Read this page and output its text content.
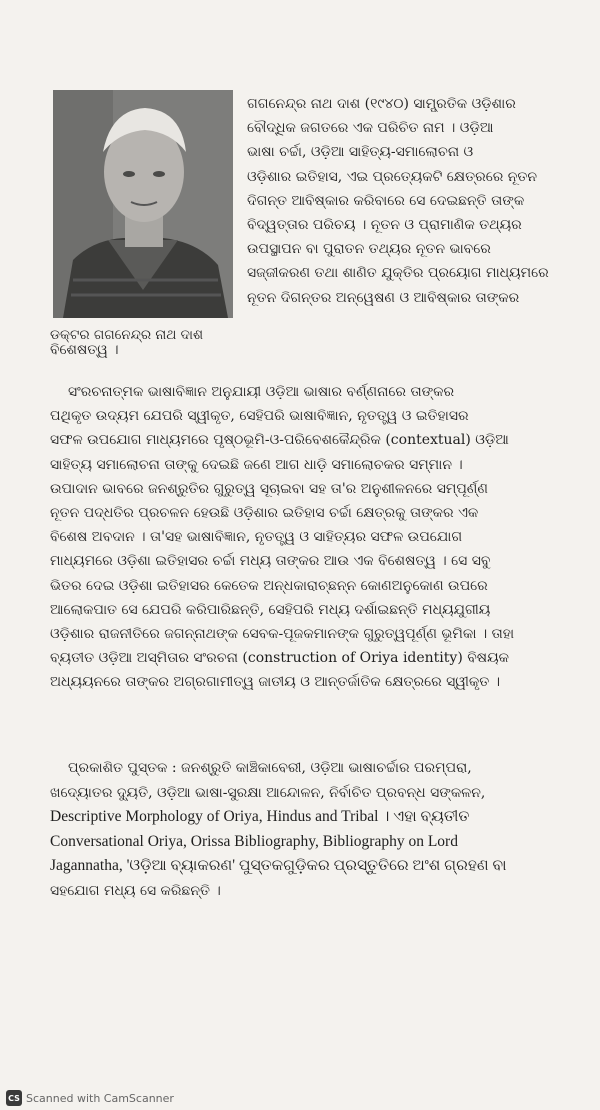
ଡକ୍ଟର ଗଗନେନ୍ଦ୍ର ନାଥ ଦାଶ
ଗଗନେନ୍ଦ୍ର ନାଥ ଦାଶ (୧୯୪୦) ସାମ୍ପ୍ରତିକ ଓଡ଼ିଶାର
ବୌଦ୍ଧିକ ଜଗତରେ ଏକ ପରିଚିତ ନାମ । ଓଡ଼ିଆ
ଭାଷା ଚର୍ଚ୍ଚା, ଓଡ଼ିଆ ସାହିତ୍ୟ-ସମାଲୋଚନା ଓ
ଓଡ଼ିଶାର ଇତିହାସ, ଏଇ ପ୍ରତ୍ୟେକଟି କ୍ଷେତ୍ରରେ ନୂତନ
ଦିଗନ୍ତ ଆବିଷ୍କାର କରିବାରେ ସେ ଦେଇଛନ୍ତି ତାଙ୍କ
ବିଦ୍ୱତ୍ତାର ପରିଚୟ । ନୂତନ ଓ ପ୍ରାମାଣିକ ତଥ୍ୟର
ଉପସ୍ଥାପନ ବା ପୁରାତନ ତଥ୍ୟର ନୂତନ ଭାବରେ
ସଜ୍ଜୀକରଣ ତଥା ଶାଣିତ ଯୁକ୍ତିର ପ୍ରୟୋଗ ମାଧ୍ୟମରେ
ନୂତନ ଦିଗନ୍ତର ଅନ୍ୱେଷଣ ଓ ଆବିଷ୍କାର ତାଙ୍କର
ବିଶେଷତ୍ୱ ।
ସଂରଚନାତ୍ମକ ଭାଷାବିଜ୍ଞାନ ଅନୁଯାୟୀ ଓଡ଼ିଆ ଭାଷାର ବର୍ଣ୍ଣନାରେ ତାଙ୍କର
ପଥିକୃତ ଉଦ୍ୟମ ଯେପରି ସ୍ୱୀକୃତ, ସେହିପରି ଭାଷାବିଜ୍ଞାନ, ନୃତତ୍ତ୍ୱ ଓ ଇତିହାସର
ସଫଳ ଉପଯୋଗ ମାଧ୍ୟମରେ ପୃଷ୍ଠଭୂମି-ଓ-ପରିବେଶକୈନ୍ଦ୍ରିକ (contextual) ଓଡ଼ିଆ
ସାହିତ୍ୟ ସମାଲୋଚନା ତାଙ୍କୁ ଦେଇଛି ଜଣେ ଆଗ ଧାଡ଼ି ସମାଲୋଚକର ସମ୍ମାନ ।
ଉପାଦାନ ଭାବରେ ଜନଶ୍ରୁତିର ଗୁରୁତ୍ୱ ସୂଚାଇବା ସହ ତା'ର ଅନୁଶୀଳନରେ ସମ୍ପୂର୍ଣ୍ଣ
ନୂତନ ପଦ୍ଧତିର ପ୍ରଚଳନ ହେଉଛି ଓଡ଼ିଶାର ଇତିହାସ ଚର୍ଚ୍ଚା କ୍ଷେତ୍ରକୁ ତାଙ୍କର ଏକ
ବିଶେଷ ଅବଦାନ । ତା'ସହ ଭାଷାବିଜ୍ଞାନ, ନୃତତ୍ତ୍ୱ ଓ ସାହିତ୍ୟର ସଫଳ ଉପଯୋଗ
ମାଧ୍ୟମରେ ଓଡ଼ିଶା ଇତିହାସର ଚର୍ଚ୍ଚା ମଧ୍ୟ ତାଙ୍କର ଆଉ ଏକ ବିଶେଷତ୍ୱ । ସେ ସବୁ
ଭିତର ଦେଇ ଓଡ଼ିଶା ଇତିହାସର କେତେକ ଅନ୍ଧକାରାଚ୍ଛନ୍ନ କୋଣଅନୁକୋଣ ଉପରେ
ଆଲୋକପାତ ସେ ଯେପରି କରିପାରିଛନ୍ତି, ସେହିପରି ମଧ୍ୟ ଦର୍ଶାଇଛନ୍ତି ମଧ୍ୟଯୁଗୀୟ
ଓଡ଼ିଶାର ରାଜନୀତିରେ ଜଗନ୍ନାଥଙ୍କ ସେବକ-ପୂଜକମାନଙ୍କ ଗୁରୁତ୍ୱପୂର୍ଣ୍ଣ ଭୂମିକା । ତାହା
ବ୍ୟତୀତ ଓଡ଼ିଆ ଅସ୍ମିତାର ସଂରଚନା (construction of Oriya identity) ବିଷୟକ
ଅଧ୍ୟୟନରେ ତାଙ୍କର ଅଗ୍ରଗାମୀତ୍ୱ ଜାତୀୟ ଓ ଆନ୍ତର୍ଜାତିକ କ୍ଷେତ୍ରରେ ସ୍ୱୀକୃତ ।
ପ୍ରକାଶିତ ପୁସ୍ତକ : ଜନଶ୍ରୁତି କାଞ୍ଚିକାବେରୀ, ଓଡ଼ିଆ ଭାଷାଚର୍ଚ୍ଚାର ପରମ୍ପରା,
ଖଦ୍ୟୋତର ଦ୍ୟୁତି, ଓଡ଼ିଆ ଭାଷା-ସୁରକ୍ଷା ଆନ୍ଦୋଳନ, ନିର୍ବାଚିତ ପ୍ରବନ୍ଧ ସଙ୍କଳନ,
Descriptive Morphology of Oriya, Hindus and Tribal । ଏହା ବ୍ୟତୀତ
Conversational Oriya, Orissa Bibliography, Bibliography on Lord
Jagannatha, 'ଓଡ଼ିଆ ବ୍ୟାକରଣ' ପୁସ୍ତକଗୁଡ଼ିକର ପ୍ରସ୍ତୁତିରେ ଅଂଶ ଗ୍ରହଣ ବା
ସହଯୋଗ ମଧ୍ୟ ସେ କରିଛନ୍ତି ।
CS Scanned with CamScanner
